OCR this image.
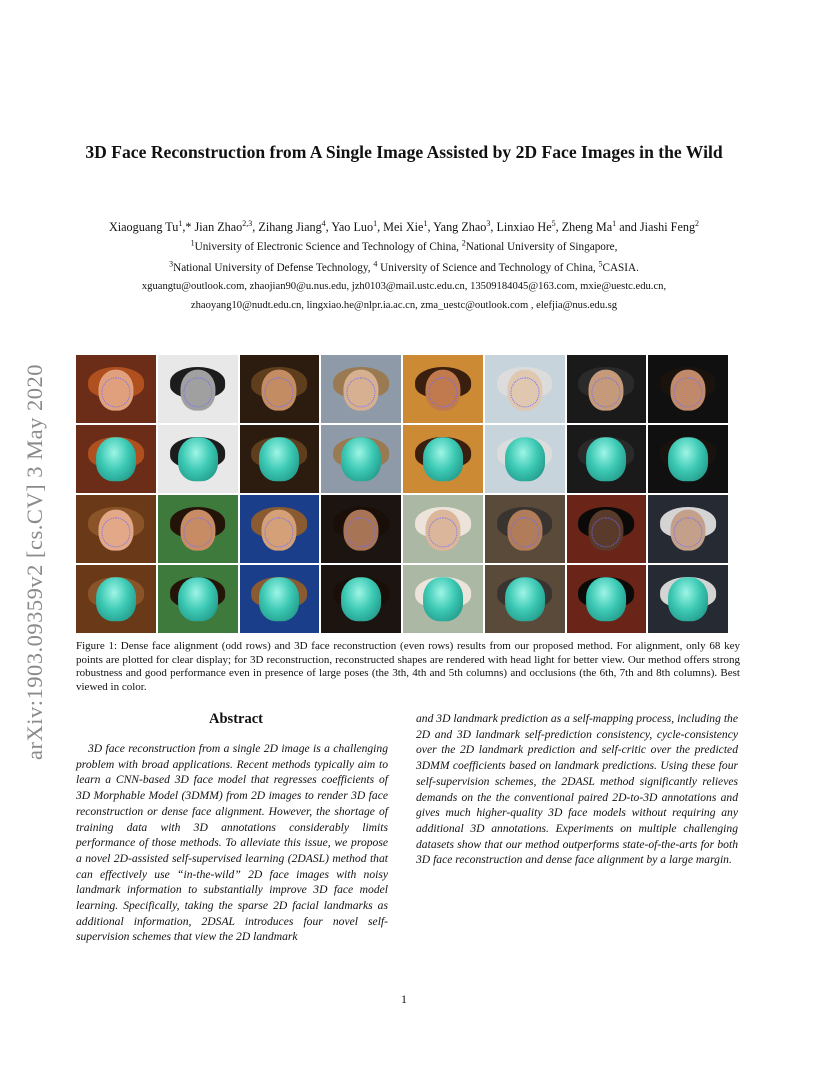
arXiv:1903.09359v2 [cs.CV] 3 May 2020
3D Face Reconstruction from A Single Image Assisted by 2D Face Images in the Wild
Xiaoguang Tu$^1$,* Jian Zhao$^{2,3}$, Zihang Jiang$^4$, Yao Luo$^1$, Mei Xie$^1$, Yang Zhao$^3$, Linxiao He$^5$, Zheng Ma$^1$ and Jiashi Feng$^2$
$^1$University of Electronic Science and Technology of China, $^2$National University of Singapore,
$^3$National University of Defense Technology, $^4$ University of Science and Technology of China, $^5$CASIA.
xguangtu@outlook.com, zhaojian90@u.nus.edu, jzh0103@mail.ustc.edu.cn, 13509184045@163.com, mxie@uestc.edu.cn,
zhaoyang10@nudt.edu.cn, lingxiao.he@nlpr.ia.ac.cn, zma_uestc@outlook.com , elefjia@nus.edu.sg
Figure 1: Dense face alignment (odd rows) and 3D face reconstruction (even rows) results from our proposed method. For alignment, only 68 key points are plotted for clear display; for 3D reconstruction, reconstructed shapes are rendered with head light for better view. Our method offers strong robustness and good performance even in presence of large poses (the 3th, 4th and 5th columns) and occlusions (the 6th, 7th and 8th columns). Best viewed in color.
Abstract
3D face reconstruction from a single 2D image is a challenging problem with broad applications. Recent methods typically aim to learn a CNN-based 3D face model that regresses coefficients of 3D Morphable Model (3DMM) from 2D images to render 3D face reconstruction or dense face alignment. However, the shortage of training data with 3D annotations considerably limits performance of those methods. To alleviate this issue, we propose a novel 2D-assisted self-supervised learning (2DASL) method that can effectively use “in-the-wild” 2D face images with noisy landmark information to substantially improve 3D face model learning. Specifically, taking the sparse 2D facial landmarks as additional information, 2DSAL introduces four novel self-supervision schemes that view the 2D landmark
and 3D landmark prediction as a self-mapping process, including the 2D and 3D landmark self-prediction consistency, cycle-consistency over the 2D landmark prediction and self-critic over the predicted 3DMM coefficients based on landmark predictions. Using these four self-supervision schemes, the 2DASL method significantly relieves demands on the the conventional paired 2D-to-3D annotations and gives much higher-quality 3D face models without requiring any additional 3D annotations. Experiments on multiple challenging datasets show that our method outperforms state-of-the-arts for both 3D face reconstruction and dense face alignment by a large margin.
1
